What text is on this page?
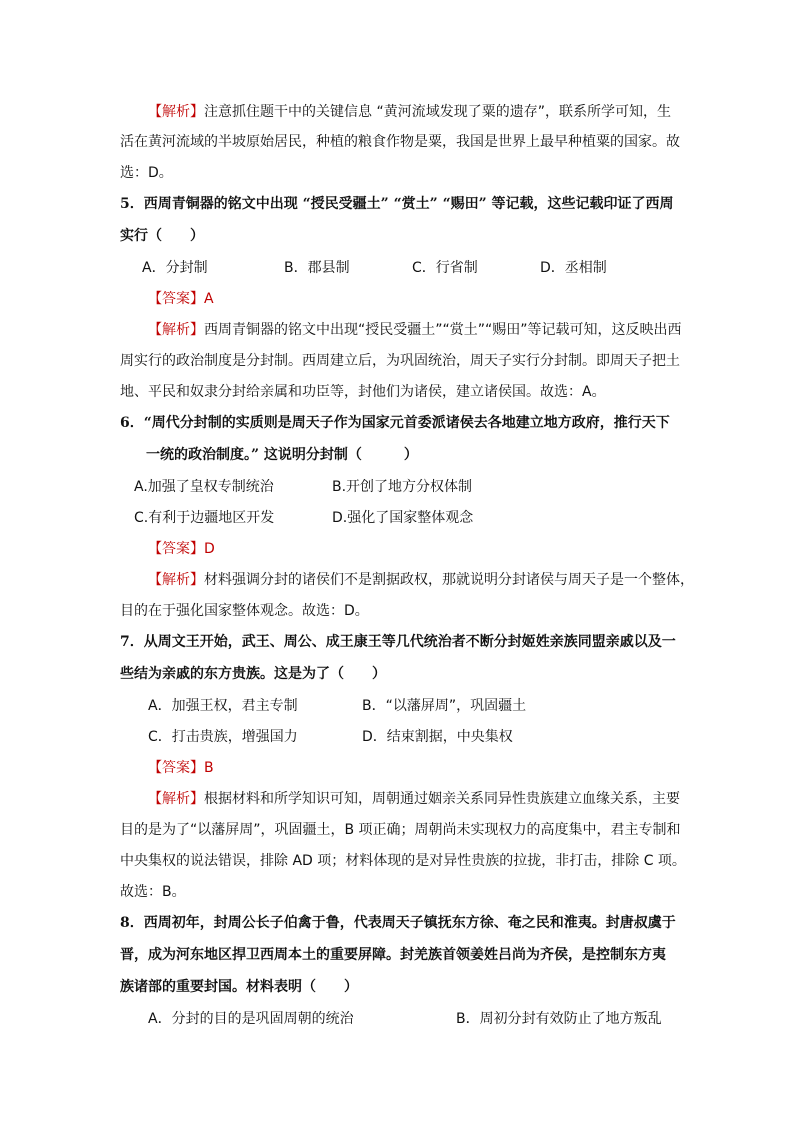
【解析】注意抓住题干中的关键信息 “黄河流域发现了粟的遗存”，联系所学可知，生
活在黄河流域的半坡原始居民，种植的粮食作物是粟，我国是世界上最早种植粟的国家。故
选：D。
5．西周青铜器的铭文中出现 “授民受疆土” “赏土” “赐田” 等记载，这些记载印证了西周
实行（　　）
A．分封制	B．郡县制	C．行省制	D．丞相制
【答案】A
【解析】西周青铜器的铭文中出现“授民受疆土”“赏土”“赐田”等记载可知，这反映出西
周实行的政治制度是分封制。西周建立后，为巩固统治，周天子实行分封制。即周天子把土
地、平民和奴隶分封给亲属和功臣等，封他们为诸侯，建立诸侯国。故选：A。
6．“周代分封制的实质则是周天子作为国家元首委派诸侯去各地建立地方政府，推行天下
一统的政治制度。” 这说明分封制（　　　）
A.加强了皇权专制统治	B.开创了地方分权体制
C.有利于边疆地区开发	D.强化了国家整体观念
【答案】D
【解析】材料强调分封的诸侯们不是割据政权，那就说明分封诸侯与周天子是一个整体，
目的在于强化国家整体观念。故选：D。
7．从周文王开始，武王、周公、成王康王等几代统治者不断分封姬姓亲族同盟亲戚以及一
些结为亲戚的东方贵族。这是为了（　　）
A．加强王权，君主专制	B．“以藩屏周”，巩固疆土
C．打击贵族，增强国力	D．结束割据，中央集权
【答案】B
【解析】根据材料和所学知识可知，周朝通过姻亲关系同异性贵族建立血缘关系，主要
目的是为了“以藩屏周”，巩固疆土，B 项正确；周朝尚未实现权力的高度集中，君主专制和
中央集权的说法错误，排除 AD 项；材料体现的是对异性贵族的拉拢，非打击，排除 C 项。
故选：B。
8．西周初年，封周公长子伯禽于鲁，代表周天子镇抚东方徐、奄之民和淮夷。封唐叔虞于
晋，成为河东地区捍卫西周本土的重要屏障。封羌族首领姜姓吕尚为齐侯，是控制东方夷
族诸部的重要封国。材料表明（　　）
A．分封的目的是巩固周朝的统治	B．周初分封有效防止了地方叛乱
